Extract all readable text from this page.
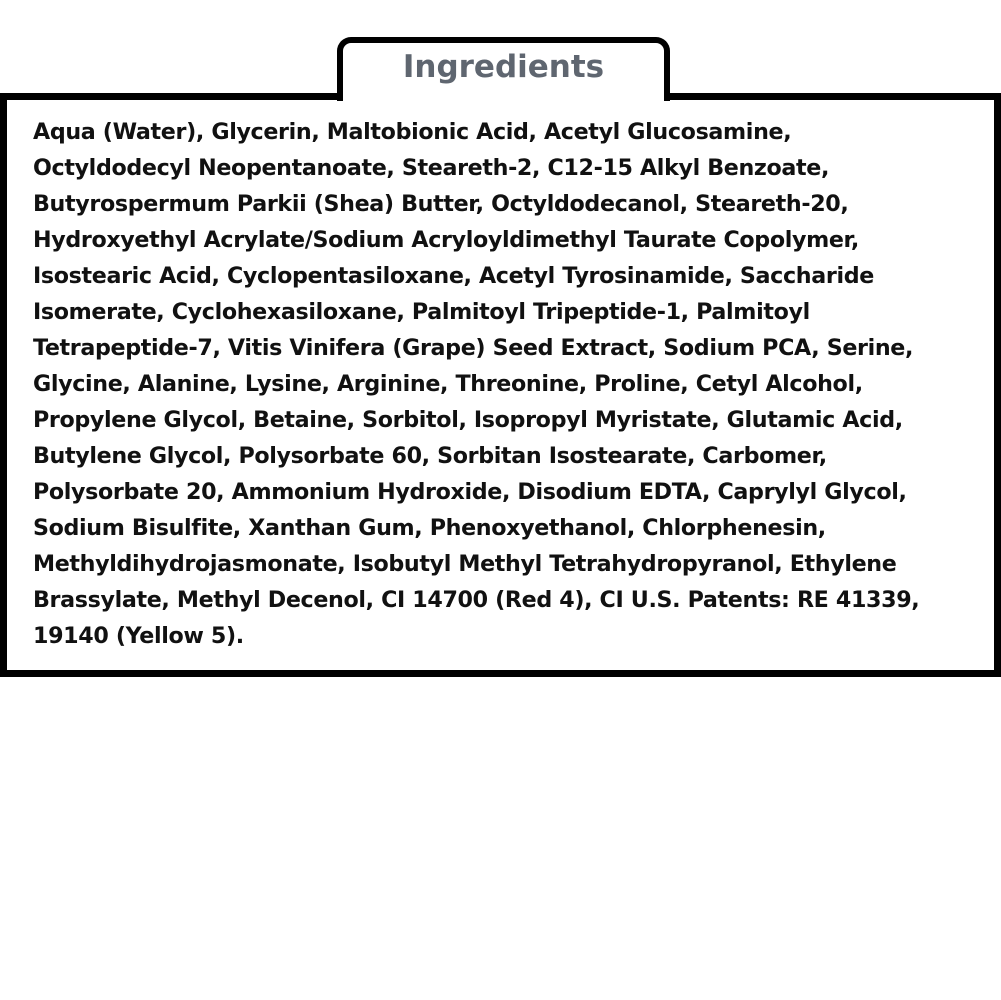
Ingredients

Aqua (Water), Glycerin, Maltobionic Acid, Acetyl Glucosamine,
Octyldodecyl Neopentanoate, Steareth-2, C12-15 Alkyl Benzoate,
Butyrospermum Parkii (Shea) Butter, Octyldodecanol, Steareth-20,
Hydroxyethyl Acrylate/Sodium Acryloyldimethyl Taurate Copolymer,
Isostearic Acid, Cyclopentasiloxane, Acetyl Tyrosinamide, Saccharide
Isomerate, Cyclohexasiloxane, Palmitoyl Tripeptide-1, Palmitoyl
Tetrapeptide-7, Vitis Vinifera (Grape) Seed Extract, Sodium PCA, Serine,
Glycine, Alanine, Lysine, Arginine, Threonine, Proline, Cetyl Alcohol,
Propylene Glycol, Betaine, Sorbitol, Isopropyl Myristate, Glutamic Acid,
Butylene Glycol, Polysorbate 60, Sorbitan Isostearate, Carbomer,
Polysorbate 20, Ammonium Hydroxide, Disodium EDTA, Caprylyl Glycol,
Sodium Bisulfite, Xanthan Gum, Phenoxyethanol, Chlorphenesin,
Methyldihydrojasmonate, Isobutyl Methyl Tetrahydropyranol, Ethylene
Brassylate, Methyl Decenol, CI 14700 (Red 4), CI U.S. Patents: RE 41339,
19140 (Yellow 5).
